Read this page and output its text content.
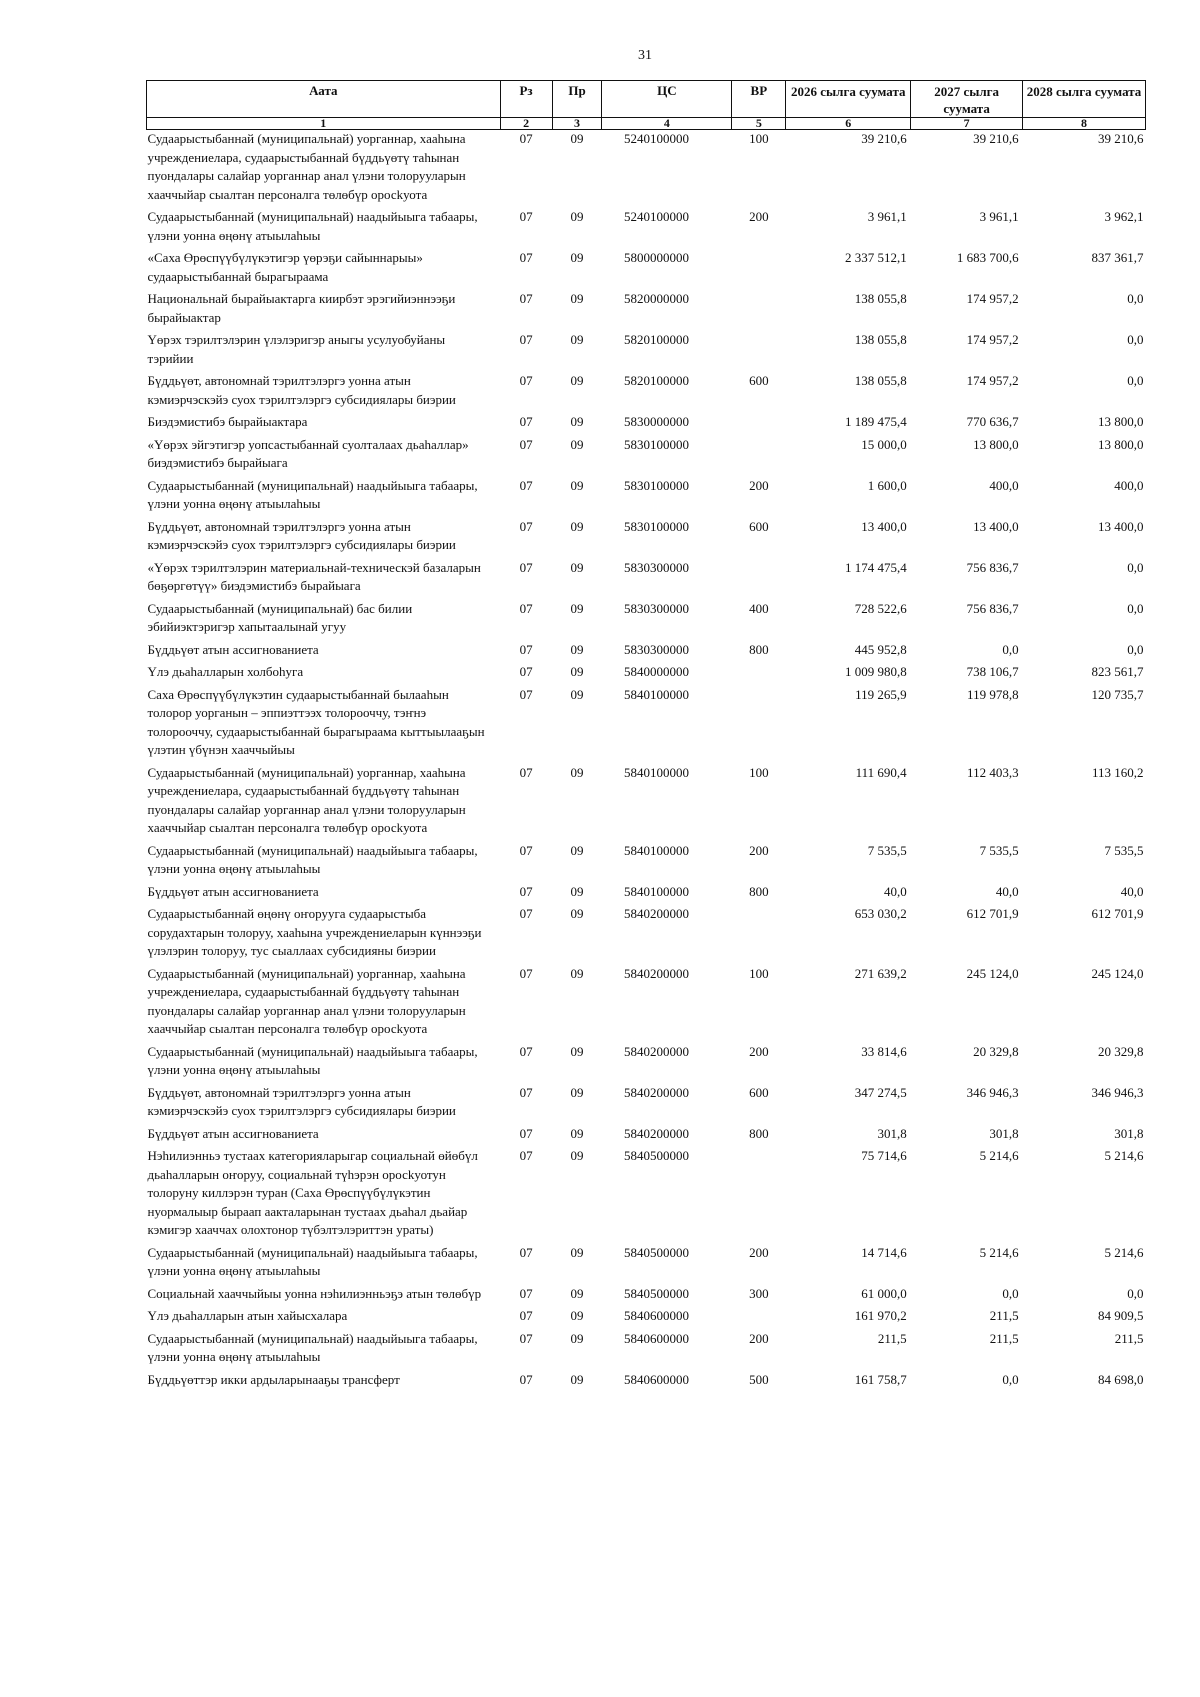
31
Аата	Рз	Пр	ЦС	ВР	2026 сылга суумата	2027 сылга суумата	2028 сылга суумата
1	2	3	4	5	6	7	8
Судаарыстыбаннай (муниципальнай) уорганнар, хааһына учреждениелара, судаарыстыбаннай бүддьүөтү таһынан пуондалары салайар уорганнар анал үлэни толорууларын хааччыйар сыалтан персоналга төлөбүр оросkуота	07	09	5240100000	100	39 210,6	39 210,6	39 210,6
Судаарыстыбаннай (муниципальнай) наадыйыыга табаары, үлэни уонна өңөнү атыылаһыы	07	09	5240100000	200	3 961,1	3 961,1	3 962,1
«Саха Өрөспүүбүлүкэтигэр үөрэҕи сайыннарыы» судаарыстыбаннай бырагыраама	07	09	5800000000		2 337 512,1	1 683 700,6	837 361,7
Национальнай бырайыактарга киирбэт эрэгийиэннээҕи бырайыактар	07	09	5820000000		138 055,8	174 957,2	0,0
Үөрэх тэрилтэлэрин үлэлэригэр аныгы усулуобуйаны тэрийии	07	09	5820100000		138 055,8	174 957,2	0,0
Бүддьүөт, автономнай тэрилтэлэргэ уонна атын кэмиэрчэскэйэ суох тэрилтэлэргэ субсидиялары биэрии	07	09	5820100000	600	138 055,8	174 957,2	0,0
Биэдэмистибэ бырайыактара	07	09	5830000000		1 189 475,4	770 636,7	13 800,0
«Үөрэх эйгэтигэр уопсастыбаннай суолталаах дьаһаллар» биэдэмистибэ бырайыага	07	09	5830100000		15 000,0	13 800,0	13 800,0
Судаарыстыбаннай (муниципальнай) наадыйыыга табаары, үлэни уонна өңөнү атыылаһыы	07	09	5830100000	200	1 600,0	400,0	400,0
Бүддьүөт, автономнай тэрилтэлэргэ уонна атын кэмиэрчэскэйэ суох тэрилтэлэргэ субсидиялары биэрии	07	09	5830100000	600	13 400,0	13 400,0	13 400,0
«Үөрэх тэрилтэлэрин материальнай-техническэй базаларын бөҕөргөтүү» биэдэмистибэ бырайыага	07	09	5830300000		1 174 475,4	756 836,7	0,0
Судаарыстыбаннай (муниципальнай) бас билии эбийиэктэригэр хапытаалынай угуу	07	09	5830300000	400	728 522,6	756 836,7	0,0
Бүддьүөт атын ассигнованиета	07	09	5830300000	800	445 952,8	0,0	0,0
Үлэ дьаһалларын холбоһуга	07	09	5840000000		1 009 980,8	738 106,7	823 561,7
Саха Өрөспүүбүлүкэтин судаарыстыбаннай былааһын толорор уорганын – эппиэттээх толорооччу, тэҥнэ толорооччу, судаарыстыбаннай бырагыраама кыттыылааҕын үлэтин үбүнэн хааччыйыы	07	09	5840100000		119 265,9	119 978,8	120 735,7
Судаарыстыбаннай (муниципальнай) уорганнар, хааһына учреждениелара, судаарыстыбаннай бүддьүөтү таһынан пуондалары салайар уорганнар анал үлэни толорууларын хааччыйар сыалтан персоналга төлөбүр оросkуота	07	09	5840100000	100	111 690,4	112 403,3	113 160,2
Судаарыстыбаннай (муниципальнай) наадыйыыга табаары, үлэни уонна өңөнү атыылаһыы	07	09	5840100000	200	7 535,5	7 535,5	7 535,5
Бүддьүөт атын ассигнованиета	07	09	5840100000	800	40,0	40,0	40,0
Судаарыстыбаннай өңөнү оҥорууга судаарыстыба сорудахтарын толоруу, хааһына учреждениеларын күннээҕи үлэлэрин толоруу, тус сыаллаах субсидияны биэрии	07	09	5840200000		653 030,2	612 701,9	612 701,9
Судаарыстыбаннай (муниципальнай) уорганнар, хааһына учреждениелара, судаарыстыбаннай бүддьүөтү таһынан пуондалары салайар уорганнар анал үлэни толорууларын хааччыйар сыалтан персоналга төлөбүр оросkуота	07	09	5840200000	100	271 639,2	245 124,0	245 124,0
Судаарыстыбаннай (муниципальнай) наадыйыыга табаары, үлэни уонна өңөнү атыылаһыы	07	09	5840200000	200	33 814,6	20 329,8	20 329,8
Бүддьүөт, автономнай тэрилтэлэргэ уонна атын кэмиэрчэскэйэ суох тэрилтэлэргэ субсидиялары биэрии	07	09	5840200000	600	347 274,5	346 946,3	346 946,3
Бүддьүөт атын ассигнованиета	07	09	5840200000	800	301,8	301,8	301,8
Нэһилиэнньэ тустаах категорияларыгар социальнай өйөбүл дьаһалларын оҥоруу, социальнай түһэрэн оросkуотун толоруну киллэрэн туран (Саха Өрөспүүбүлүкэтин нуормалыыр быраап аакталарынан тустаах дьаһал дьайар кэмигэр хааччах олохтонор түбэлтэлэриттэн ураты)	07	09	5840500000		75 714,6	5 214,6	5 214,6
Судаарыстыбаннай (муниципальнай) наадыйыыга табаары, үлэни уонна өңөнү атыылаһыы	07	09	5840500000	200	14 714,6	5 214,6	5 214,6
Социальнай хааччыйыы уонна нэһилиэнньэҕэ атын төлөбүр	07	09	5840500000	300	61 000,0	0,0	0,0
Үлэ дьаһалларын атын хайысхалара	07	09	5840600000		161 970,2	211,5	84 909,5
Судаарыстыбаннай (муниципальнай) наадыйыыга табаары, үлэни уонна өңөнү атыылаһыы	07	09	5840600000	200	211,5	211,5	211,5
Бүддьүөттэр икки ардыларынааҕы трансферт	07	09	5840600000	500	161 758,7	0,0	84 698,0
